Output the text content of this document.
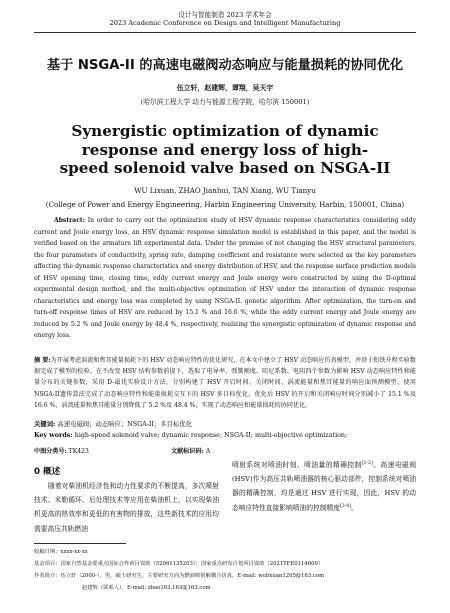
设计与智能制造 2023 学术年会
2023 Academic Conference on Design and Intelligent Manufacturing
基于 NSGA-II 的高速电磁阀动态响应与能量损耗的协同优化
伍立轩，赵建辉，谭翔，吴天宇
(哈尔滨工程大学 动力与能源工程学院，哈尔滨 150001)
Synergistic optimization of dynamic response and energy loss of high-speed solenoid valve based on NSGA-II
WU Lixuan, ZHAO Jianhui, TAN Xiang, WU Tianyu
(College of Power and Energy Engineering, Harbin Engineering University, Harbin, 150001, China)
Abstract: In order to carry out the optimization study of HSV dynamic response characteristics considering eddy current and Joule energy loss, an HSV dynamic response simulation model is established in this paper, and the model is verified based on the armature lift experimental data. Under the premise of not changing the HSV structural parameters, the four parameters of conductivity, spring rate, damping coefficient and resistance were selected as the key parameters affecting the dynamic response characteristics and energy distribution of HSV, and the response surface prediction models of HSV opening time, closing time, eddy current energy and Joule energy were constructed by using the D-optimal experimental design method, and the multi-objective optimization of HSV under the interaction of dynamic response characteristics and energy loss was completed by using NSGA-II. genetic algorithm. After optimization, the turn-on and turn-off response times of HSV are reduced by 15.1 % and 16.6 %, while the eddy current energy and Joule energy are reduced by 5.2 % and Joule energy by 48.4 %, respectively, realizing the synergistic optimization of dynamic response and energy loss.
摘 要:为开展考虑涡流和焦耳能量损耗下的 HSV 动态响应特性的优化研究，在本文中建立了 HSV 动态响应仿真模型，并基于衔铁升程实验数据完成了模型的校验。在不改变 HSV 结构参数前提下，选取了电导率、弹簧刚度、阻尼系数、电阻四个参数为影响 HSV 动态响应特性和能量分布的关键参数，采用 D-最优实验设计方法，分别构建了 HSV 开启时间、关闭时间、涡流能量和焦耳能量的响应面预测模型，使用 NSGA-II遗传算法完成了动态响应特性和能量损耗交互下的 HSV 多目标优化。优化后 HSV 的开启和关闭响应时间分别减小了 15.1 %及 16.6 %，涡流能量和焦耳能量分别降低了 5.2 %及 48.4 %，实现了动态响应和能量损耗的协同优化。
关键词: 高速电磁阀；动态响应；NSGA-II；多目标优化
Key words: high-speed solenoid valve; dynamic response; NSGA-II; multi-objective optimization;
中图分类号: TK423	文献标识码: A
0 概述
随着对柴油机经济性和动力性要求的不断提高，多次喷射技术、米勒循环、后处理技术等应用在柴油机上，以实现柴油机更高的热效率和更低的有害物的排放，这些新技术的应用均需要高压共轨燃油
喷射系统对喷油时刻、喷油量的精确控制[1-2]。高速电磁阀(HSV)作为高压共轨喷油器的核心驱动部件，控制系统对喷油器的精确控制，均是通过 HSV 进行实现，因此，HSV 的动态响应特性直接影响喷油的控制精度[3-4]。
收稿日期：xxxx-xx-xx
基金项目：国家自然基金委重点国际合作项目资助（52061135203）；国家重点研发计划项目资助（2021YFE0114600）
作者简介：伍立轩（2000-），男，硕士研究生，主要研究方向为燃油喷射解耦合仿真，E-mail: wulixuan1205@163.com
赵建辉（联系人），E-mail: zhao163.163@163.com
